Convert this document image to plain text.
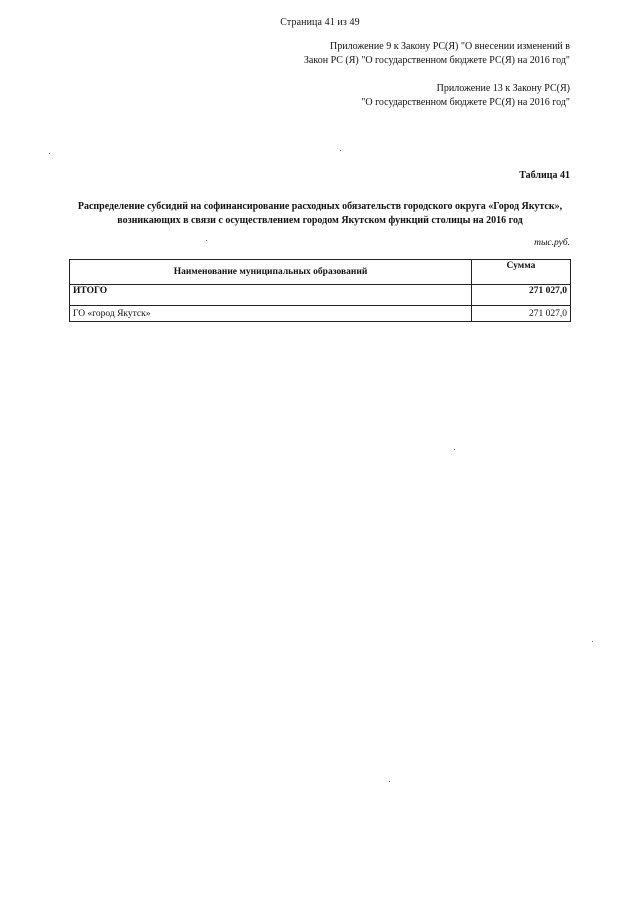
Страница 41 из 49
Приложение 9 к Закону РС(Я) "О внесении изменений в
Закон РС (Я) "О государственном бюджете РС(Я) на 2016 год"
Приложение 13 к Закону РС(Я)
"О государственном бюджете РС(Я) на 2016 год"
Таблица 41
Распределение субсидий на софинансирование расходных обязательств городского округа «Город Якутск»,
возникающих в связи с осуществлением городом Якутском функций столицы на 2016 год
тыс.руб.
Наименование муниципальных образований	Сумма
ИТОГО	271 027,0
ГО «город Якутск»	271 027,0
